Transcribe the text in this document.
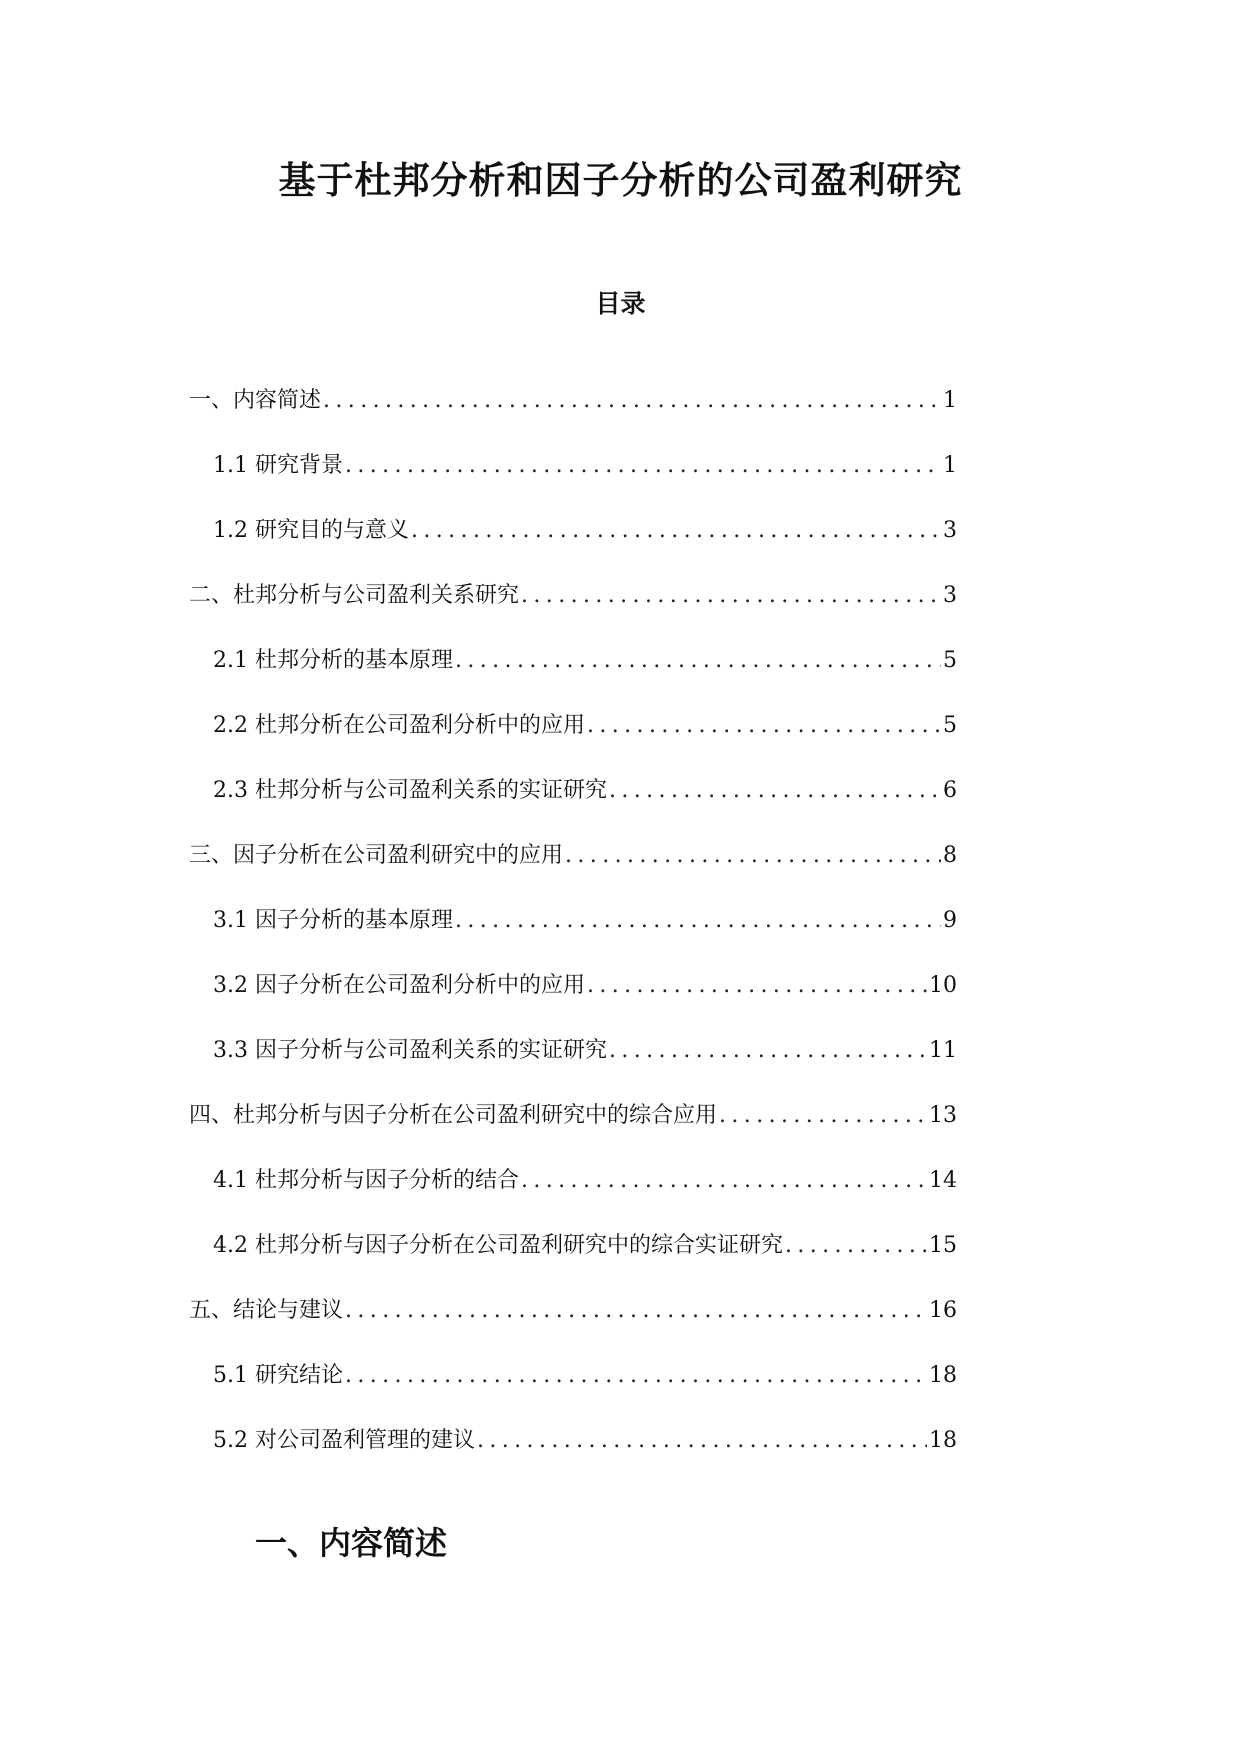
基于杜邦分析和因子分析的公司盈利研究
目录
一、内容简述 .....	1
1.1 研究背景 .....	1
1.2 研究目的与意义 .....	3
二、杜邦分析与公司盈利关系研究 .....	3
2.1 杜邦分析的基本原理 .....	5
2.2 杜邦分析在公司盈利分析中的应用 .....	5
2.3 杜邦分析与公司盈利关系的实证研究 .....	6
三、因子分析在公司盈利研究中的应用 .....	8
3.1 因子分析的基本原理 .....	9
3.2 因子分析在公司盈利分析中的应用 .....	10
3.3 因子分析与公司盈利关系的实证研究 .....	11
四、杜邦分析与因子分析在公司盈利研究中的综合应用 .....	13
4.1 杜邦分析与因子分析的结合 .....	14
4.2 杜邦分析与因子分析在公司盈利研究中的综合实证研究 .....	15
五、结论与建议 .....	16
5.1 研究结论 .....	18
5.2 对公司盈利管理的建议 .....	18
一、内容简述
